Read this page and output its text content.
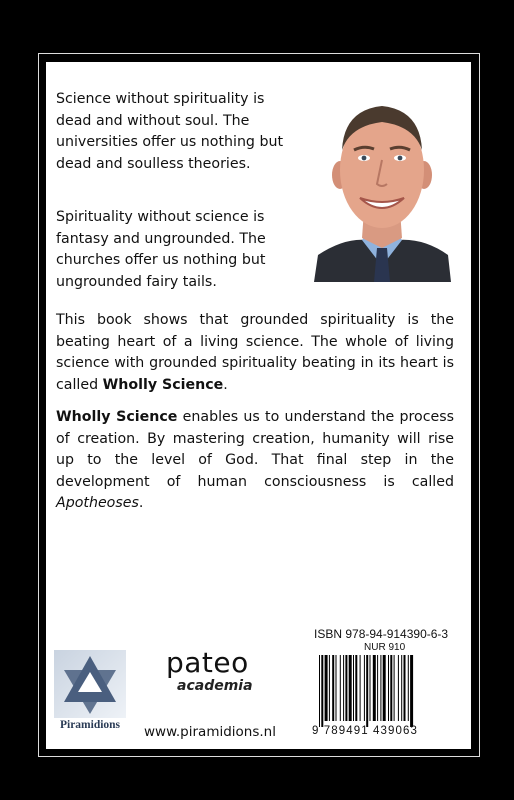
Science without spirituality is dead and without soul. The universities offer us nothing but dead and soulless theories.

Spirituality without science is fantasy and ungrounded. The churches offer us nothing but ungrounded fairy tails.

This book shows that grounded spirituality is the beating heart of a living science. The whole of living science with grounded spirituality beating in its heart is called Wholly Science.

Wholly Science enables us to understand the process of creation. By mastering creation, humanity will rise up to the level of God. That final step in the development of human consciousness is called Apotheoses.

Piramidions
pateo
academia
www.piramidions.nl
ISBN 978-94-914390-6-3
NUR 910
9 789491 439063
